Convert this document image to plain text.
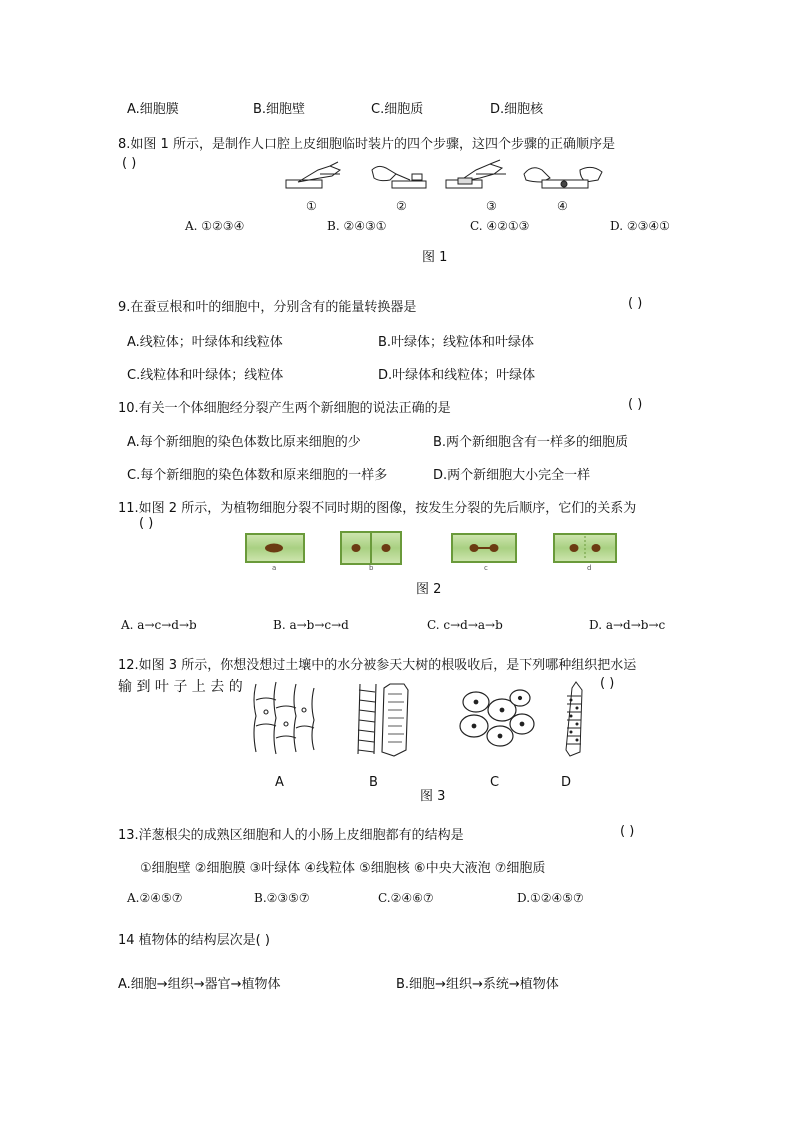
A.细胞膜	B.细胞壁	C.细胞质	D.细胞核
8.如图 1 所示，是制作人口腔上皮细胞临时装片的四个步骤，这四个步骤的正确顺序是
( )
①	②	③	④
A. ①②③④	B. ②④③①	C. ④②①③	D. ②③④①
图 1
9.在蚕豆根和叶的细胞中，分别含有的能量转换器是	( )
A.线粒体；叶绿体和线粒体	B.叶绿体；线粒体和叶绿体
C.线粒体和叶绿体；线粒体	D.叶绿体和线粒体；叶绿体
10.有关一个体细胞经分裂产生两个新细胞的说法正确的是	( )
A.每个新细胞的染色体数比原来细胞的少	B.两个新细胞含有一样多的细胞质
C.每个新细胞的染色体数和原来细胞的一样多	D.两个新细胞大小完全一样
11.如图 2 所示，为植物细胞分裂不同时期的图像，按发生分裂的先后顺序，它们的关系为
( )
a	b	c	d
图 2
A. a→c→d→b	B. a→b→c→d	C. c→d→a→b	D. a→d→b→c
12.如图 3 所示，你想没想过土壤中的水分被参天大树的根吸收后，是下列哪种组织把水运
输 到 叶 子 上 去 的	( )
A	B	C	D
图 3
13.洋葱根尖的成熟区细胞和人的小肠上皮细胞都有的结构是	( )
①细胞壁 ②细胞膜 ③叶绿体 ④线粒体 ⑤细胞核 ⑥中央大液泡 ⑦细胞质
A.②④⑤⑦	B.②③⑤⑦	C.②④⑥⑦	D.①②④⑤⑦
14 植物体的结构层次是( )
A.细胞→组织→器官→植物体	B.细胞→组织→系统→植物体
